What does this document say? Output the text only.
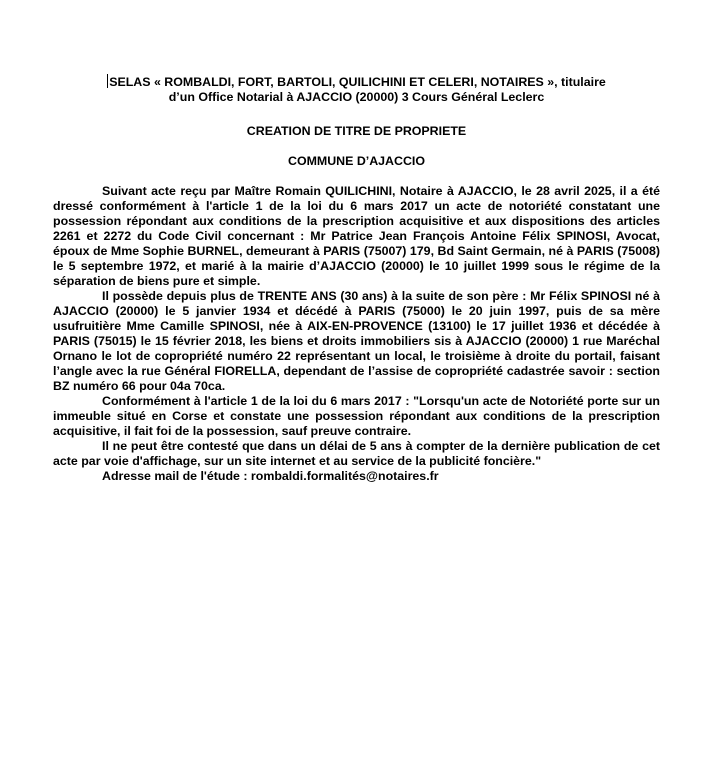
SELAS « ROMBALDI, FORT, BARTOLI, QUILICHINI ET CELERI, NOTAIRES », titulaire
d’un Office Notarial à AJACCIO (20000) 3 Cours Général Leclerc
CREATION DE TITRE DE PROPRIETE
COMMUNE D’AJACCIO

Suivant acte reçu par Maître Romain QUILICHINI, Notaire à AJACCIO, le 28 avril 2025, il a été dressé conformément à l'article 1 de la loi du 6 mars 2017 un acte de notoriété constatant une possession répondant aux conditions de la prescription acquisitive et aux dispositions des articles 2261 et 2272 du Code Civil concernant : Mr Patrice Jean François Antoine Félix SPINOSI, Avocat, époux de Mme Sophie BURNEL, demeurant à PARIS (75007) 179, Bd Saint Germain, né à PARIS (75008) le 5 septembre 1972, et marié à la mairie d’AJACCIO (20000) le 10 juillet 1999 sous le régime de la séparation de biens pure et simple.

Il possède depuis plus de TRENTE ANS (30 ans) à la suite de son père : Mr Félix SPINOSI né à AJACCIO (20000) le 5 janvier 1934 et décédé à PARIS (75000) le 20 juin 1997, puis de sa mère usufruitière Mme Camille SPINOSI, née à AIX-EN-PROVENCE (13100) le 17 juillet 1936 et décédée à PARIS (75015) le 15 février 2018, les biens et droits immobiliers sis à AJACCIO (20000) 1 rue Maréchal Ornano le lot de copropriété numéro 22 représentant un local, le troisième à droite du portail, faisant l’angle avec la rue Général FIORELLA, dependant de l’assise de copropriété cadastrée savoir : section BZ numéro 66 pour 04a 70ca.

Conformément à l'article 1 de la loi du 6 mars 2017 : "Lorsqu'un acte de Notoriété porte sur un immeuble situé en Corse et constate une possession répondant aux conditions de la prescription acquisitive, il fait foi de la possession, sauf preuve contraire.

Il ne peut être contesté que dans un délai de 5 ans à compter de la dernière publication de cet acte par voie d'affichage, sur un site internet et au service de la publicité foncière."

Adresse mail de l'étude : rombaldi.formalités@notaires.fr
